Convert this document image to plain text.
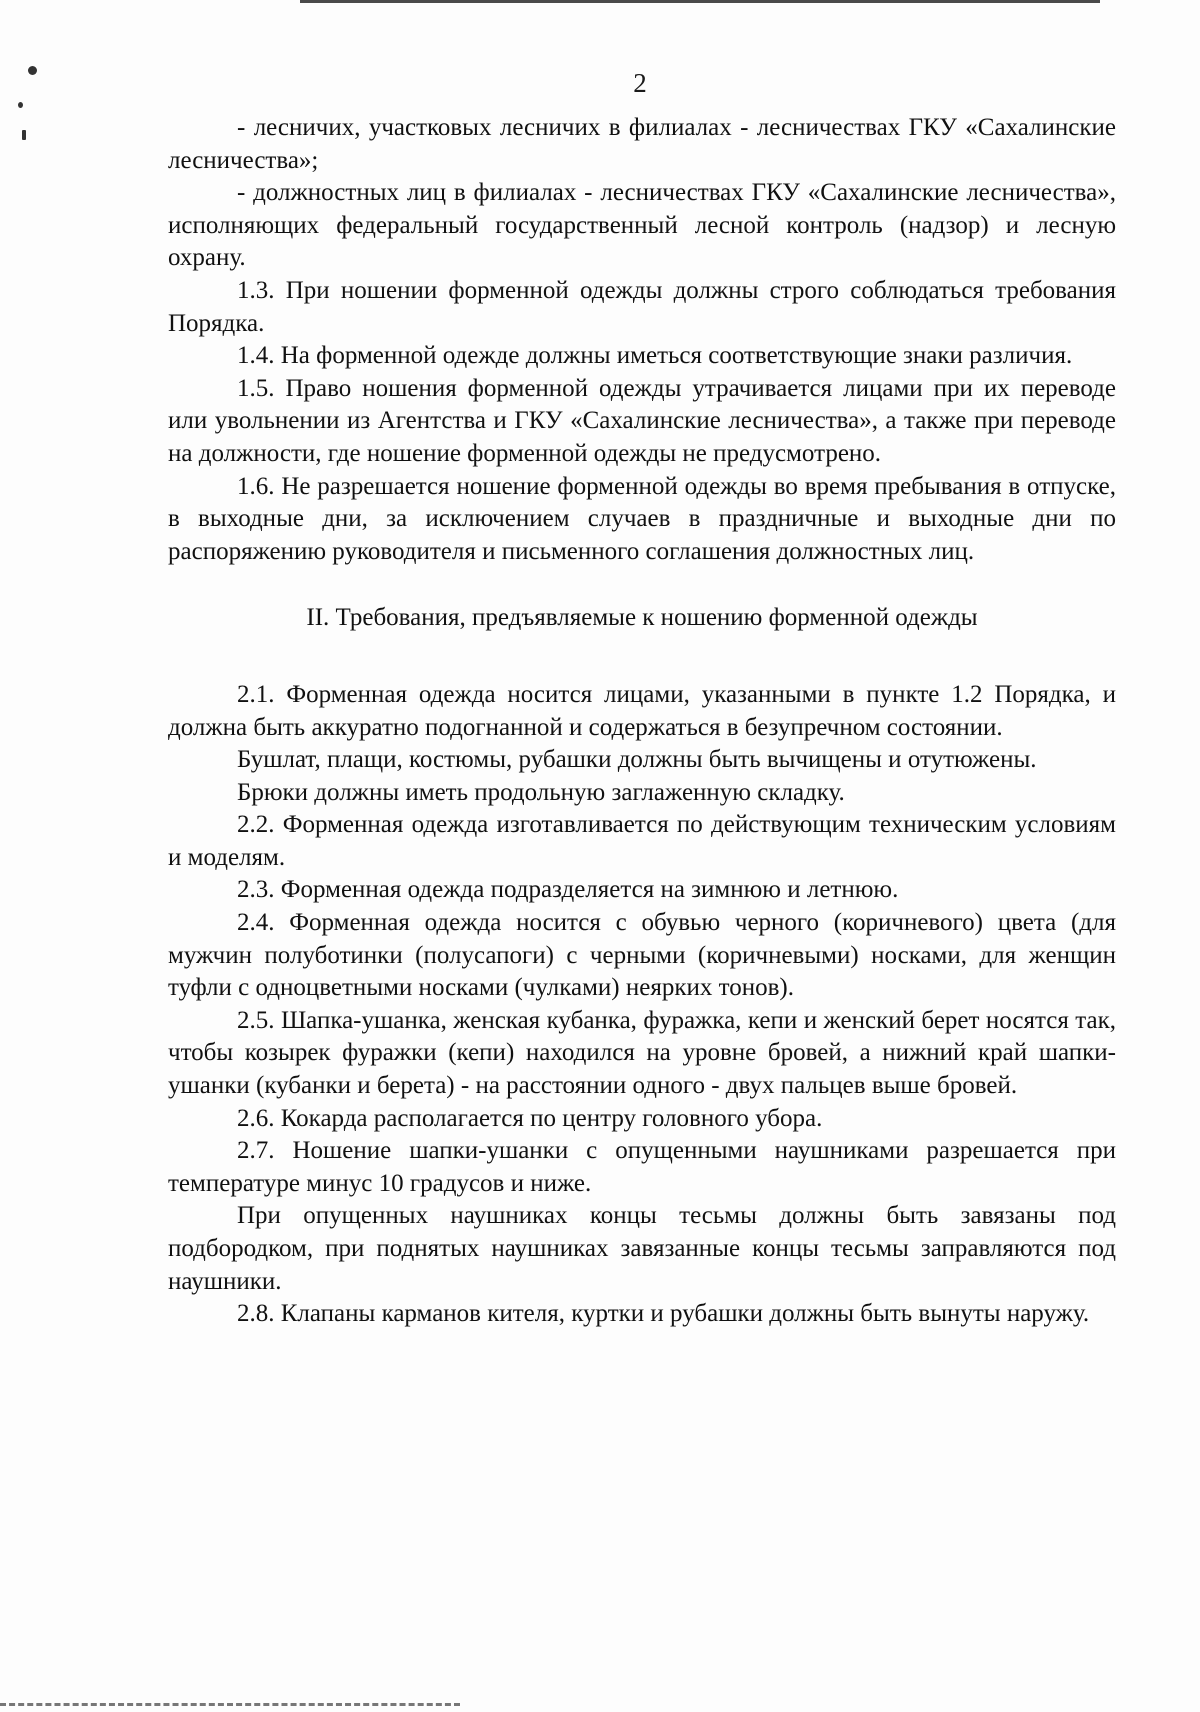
2

- лесничих, участковых лесничих в филиалах - лесничествах ГКУ «Сахалинские лесничества»;

- должностных лиц в филиалах - лесничествах ГКУ «Сахалинские лесничества», исполняющих федеральный государственный лесной контроль (надзор) и лесную охрану.

1.3. При ношении форменной одежды должны строго соблюдаться требования Порядка.

1.4. На форменной одежде должны иметься соответствующие знаки различия.

1.5. Право ношения форменной одежды утрачивается лицами при их переводе или увольнении из Агентства и ГКУ «Сахалинские лесничества», а также при переводе на должности, где ношение форменной одежды не предусмотрено.

1.6. Не разрешается ношение форменной одежды во время пребывания в отпуске, в выходные дни, за исключением случаев в праздничные и выходные дни по распоряжению руководителя и письменного соглашения должностных лиц.

II. Требования, предъявляемые к ношению форменной одежды

2.1. Форменная одежда носится лицами, указанными в пункте 1.2 Порядка, и должна быть аккуратно подогнанной и содержаться в безупречном состоянии.

Бушлат, плащи, костюмы, рубашки должны быть вычищены и отутюжены.

Брюки должны иметь продольную заглаженную складку.

2.2. Форменная одежда изготавливается по действующим техническим условиям и моделям.

2.3. Форменная одежда подразделяется на зимнюю и летнюю.

2.4. Форменная одежда носится с обувью черного (коричневого) цвета (для мужчин полуботинки (полусапоги) с черными (коричневыми) носками, для женщин туфли с одноцветными носками (чулками) неярких тонов).

2.5. Шапка-ушанка, женская кубанка, фуражка, кепи и женский берет носятся так, чтобы козырек фуражки (кепи) находился на уровне бровей, а нижний край шапки-ушанки (кубанки и берета) - на расстоянии одного - двух пальцев выше бровей.

2.6. Кокарда располагается по центру головного убора.

2.7. Ношение шапки-ушанки с опущенными наушниками разрешается при температуре минус 10 градусов и ниже.

При опущенных наушниках концы тесьмы должны быть завязаны под подбородком, при поднятых наушниках завязанные концы тесьмы заправляются под наушники.

2.8. Клапаны карманов кителя, куртки и рубашки должны быть вынуты наружу.
